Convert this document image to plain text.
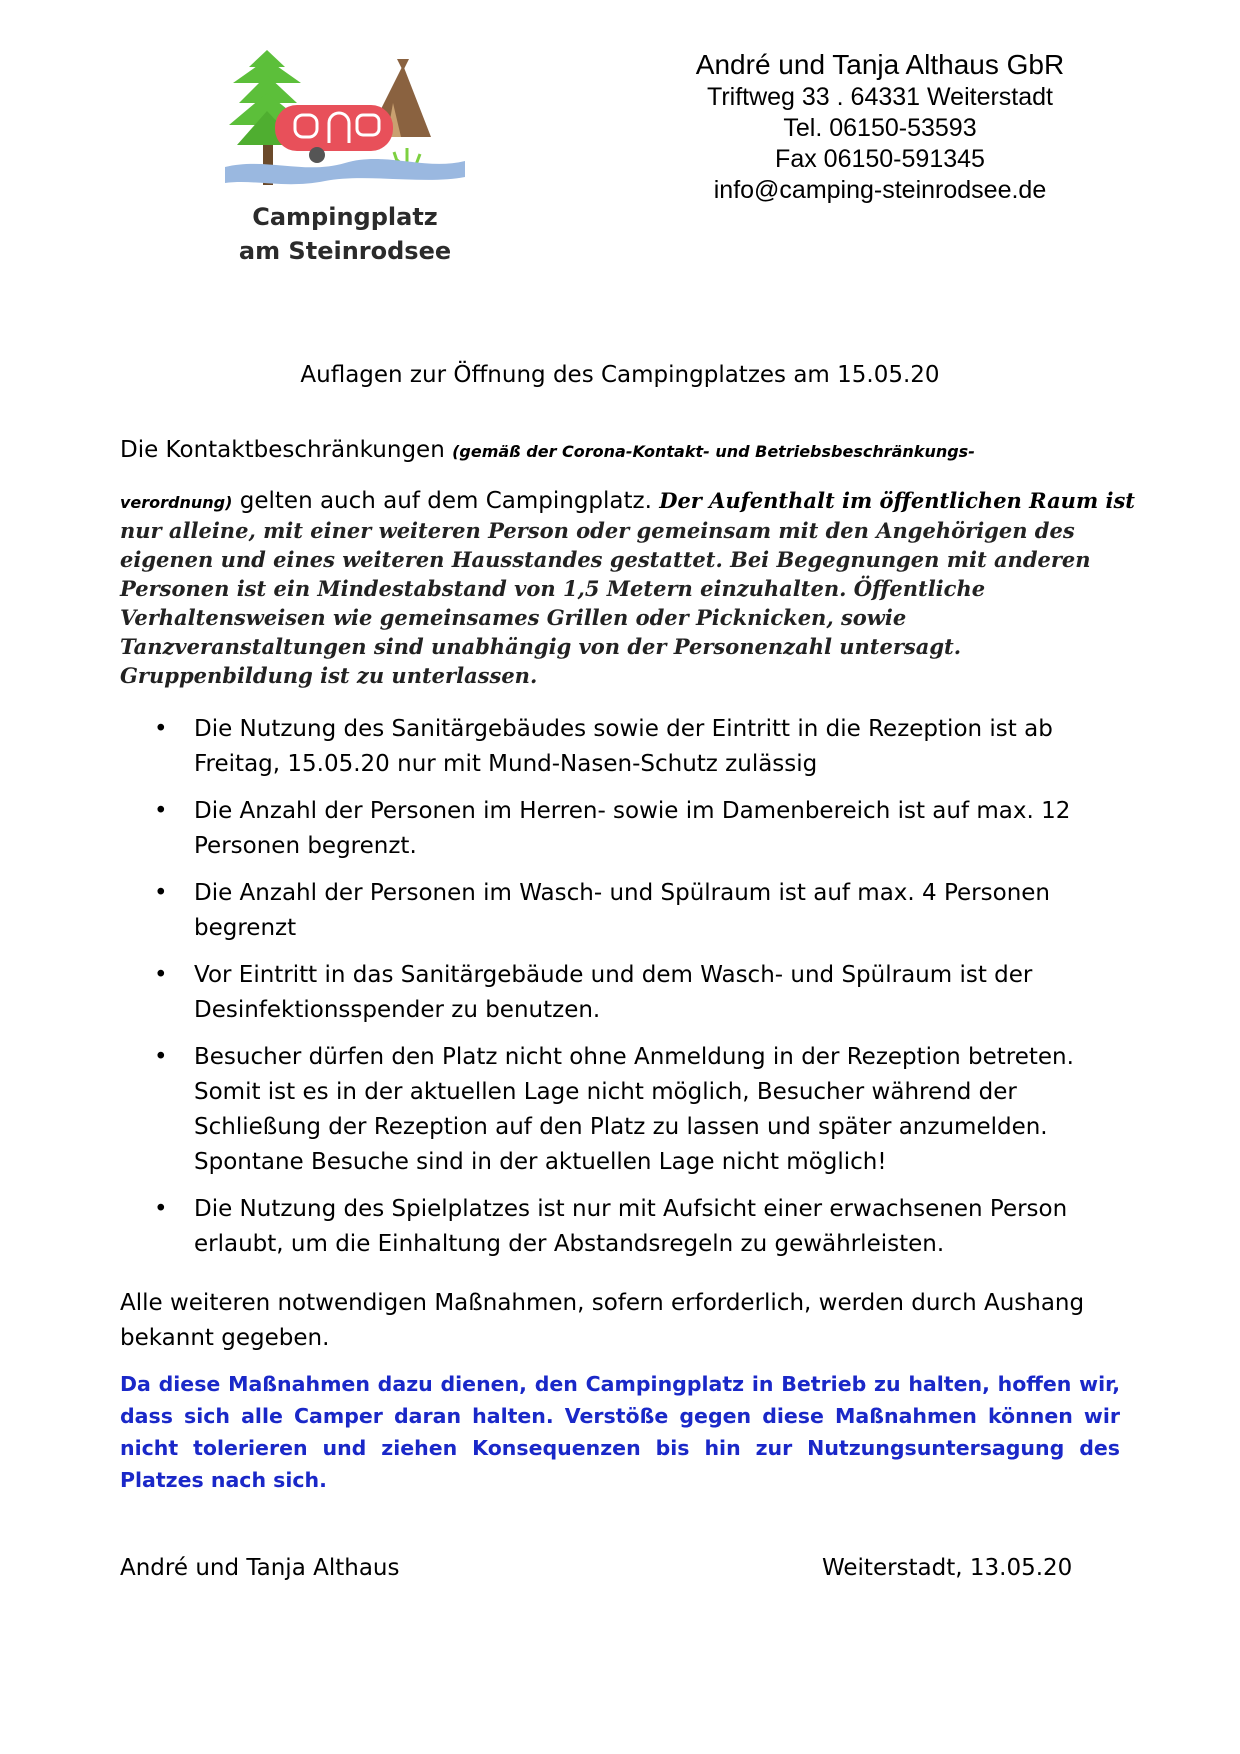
Campingplatz
am Steinrodsee
André und Tanja Althaus GbR
Triftweg 33 . 64331 Weiterstadt
Tel. 06150-53593
Fax 06150-591345
info@camping-steinrodsee.de
Auflagen zur Öffnung des Campingplatzes am 15.05.20
Die Kontaktbeschränkungen (gemäß der Corona-Kontakt- und Betriebsbeschränkungs-
verordnung) gelten auch auf dem Campingplatz. Der Aufenthalt im öffentlichen Raum ist
nur alleine, mit einer weiteren Person oder gemeinsam mit den Angehörigen des eigenen und eines weiteren Hausstandes gestattet. Bei Begegnungen mit anderen Personen ist ein Mindestabstand von 1,5 Metern einzuhalten. Öffentliche Verhaltensweisen wie gemeinsames Grillen oder Picknicken, sowie Tanzveranstaltungen sind unabhängig von der Personenzahl untersagt. Gruppenbildung ist zu unterlassen.
• Die Nutzung des Sanitärgebäudes sowie der Eintritt in die Rezeption ist ab Freitag, 15.05.20 nur mit Mund-Nasen-Schutz zulässig
• Die Anzahl der Personen im Herren- sowie im Damenbereich ist auf max. 12 Personen begrenzt.
• Die Anzahl der Personen im Wasch- und Spülraum ist auf max. 4 Personen begrenzt
• Vor Eintritt in das Sanitärgebäude und dem Wasch- und Spülraum ist der Desinfektionsspender zu benutzen.
• Besucher dürfen den Platz nicht ohne Anmeldung in der Rezeption betreten. Somit ist es in der aktuellen Lage nicht möglich, Besucher während der Schließung der Rezeption auf den Platz zu lassen und später anzumelden. Spontane Besuche sind in der aktuellen Lage nicht möglich!
• Die Nutzung des Spielplatzes ist nur mit Aufsicht einer erwachsenen Person erlaubt, um die Einhaltung der Abstandsregeln zu gewährleisten.
Alle weiteren notwendigen Maßnahmen, sofern erforderlich, werden durch Aushang bekannt gegeben.
Da diese Maßnahmen dazu dienen, den Campingplatz in Betrieb zu halten, hoffen wir, dass sich alle Camper daran halten. Verstöße gegen diese Maßnahmen können wir nicht tolerieren und ziehen Konsequenzen bis hin zur Nutzungsuntersagung des Platzes nach sich.
André und Tanja Althaus	Weiterstadt, 13.05.20
